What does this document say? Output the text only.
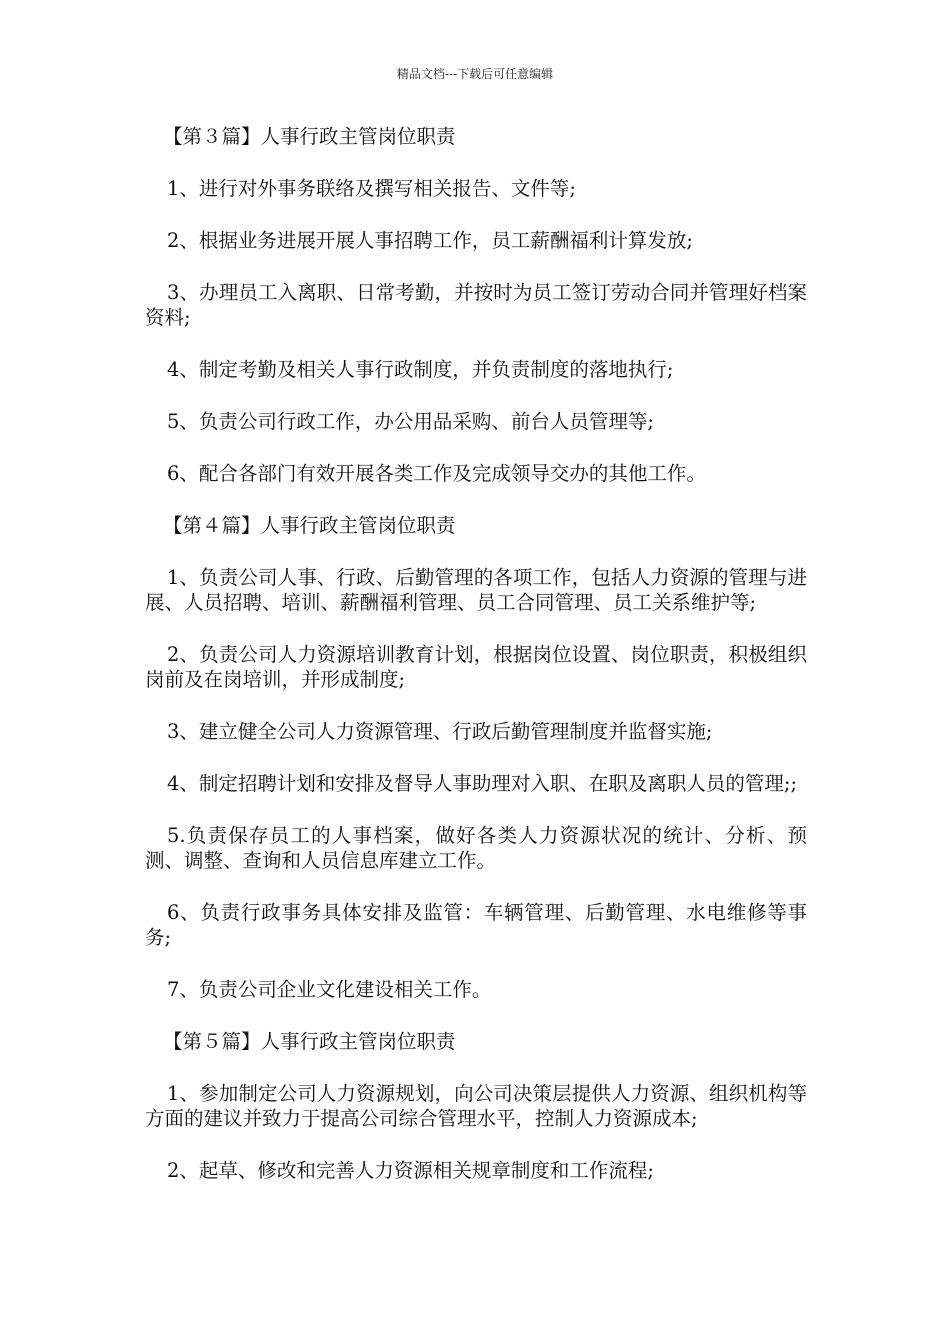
精品文档---下载后可任意编辑

【第３篇】人事行政主管岗位职责

1、进行对外事务联络及撰写相关报告、文件等;

2、根据业务进展开展人事招聘工作，员工薪酬福利计算发放;

3、办理员工入离职、日常考勤，并按时为员工签订劳动合同并管理好档案资料;

4、制定考勤及相关人事行政制度，并负责制度的落地执行;

5、负责公司行政工作，办公用品采购、前台人员管理等;

6、配合各部门有效开展各类工作及完成领导交办的其他工作。

【第４篇】人事行政主管岗位职责

1、负责公司人事、行政、后勤管理的各项工作，包括人力资源的管理与进展、人员招聘、培训、薪酬福利管理、员工合同管理、员工关系维护等;

2、负责公司人力资源培训教育计划，根据岗位设置、岗位职责，积极组织岗前及在岗培训，并形成制度;

3、建立健全公司人力资源管理、行政后勤管理制度并监督实施;

4、制定招聘计划和安排及督导人事助理对入职、在职及离职人员的管理;;

5.负责保存员工的人事档案，做好各类人力资源状况的统计、分析、预测、调整、查询和人员信息库建立工作。

6、负责行政事务具体安排及监管：车辆管理、后勤管理、水电维修等事务;

7、负责公司企业文化建设相关工作。

【第５篇】人事行政主管岗位职责

1、参加制定公司人力资源规划，向公司决策层提供人力资源、组织机构等方面的建议并致力于提高公司综合管理水平，控制人力资源成本;

2、起草、修改和完善人力资源相关规章制度和工作流程;
